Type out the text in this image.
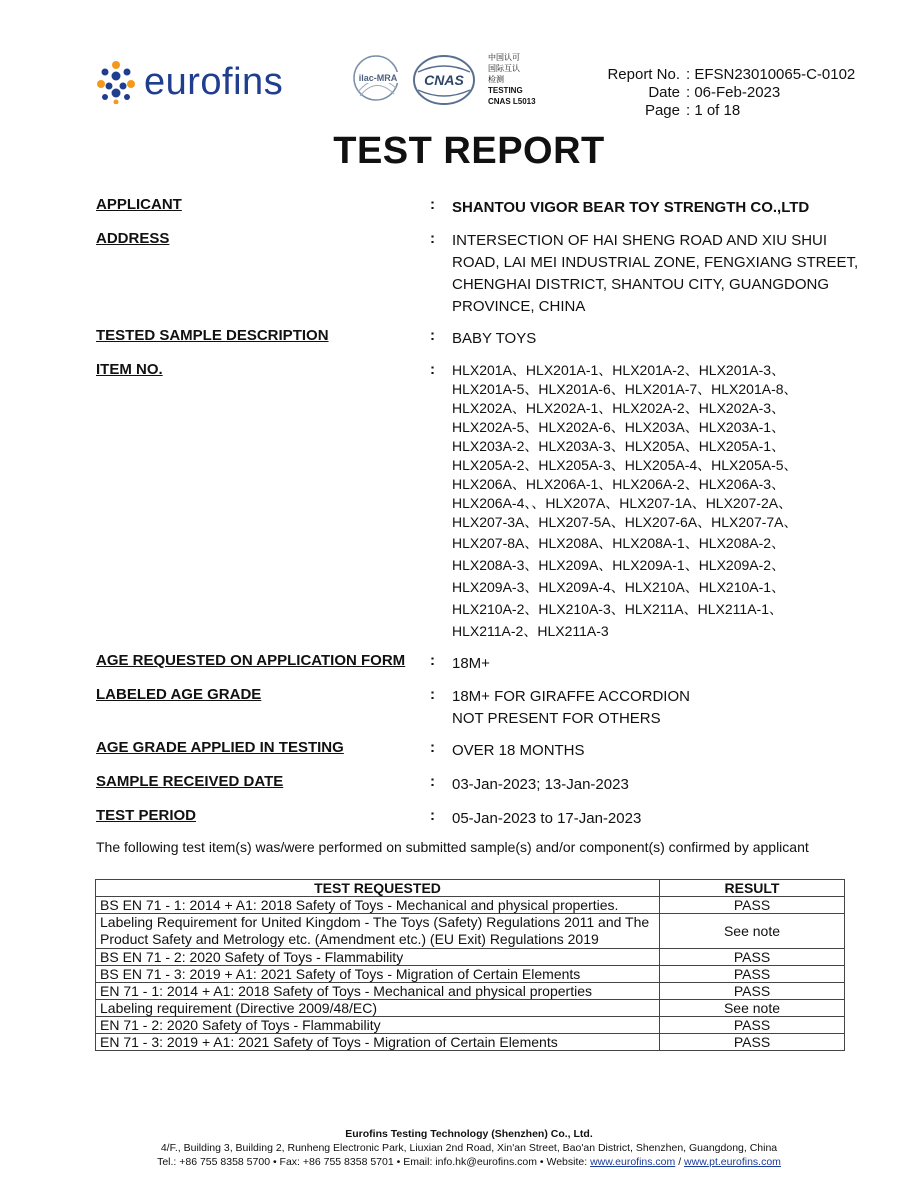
eurofins	ilac-MRA CNAS
中国认可
国际互认
检测
TESTING
CNAS L5013
Report No. : EFSN23010065-C-0102
Date : 06-Feb-2023
Page : 1 of 18
TEST REPORT
APPLICANT	: SHANTOU VIGOR BEAR TOY STRENGTH CO.,LTD
ADDRESS	: INTERSECTION OF HAI SHENG ROAD AND XIU SHUI
ROAD, LAI MEI INDUSTRIAL ZONE, FENGXIANG STREET,
CHENGHAI DISTRICT, SHANTOU CITY, GUANGDONG
PROVINCE, CHINA
TESTED SAMPLE DESCRIPTION	: BABY TOYS
ITEM NO.	: HLX201A、HLX201A-1、HLX201A-2、HLX201A-3、
HLX201A-5、HLX201A-6、HLX201A-7、HLX201A-8、
HLX202A、HLX202A-1、HLX202A-2、HLX202A-3、
HLX202A-5、HLX202A-6、HLX203A、HLX203A-1、
HLX203A-2、HLX203A-3、HLX205A、HLX205A-1、
HLX205A-2、HLX205A-3、HLX205A-4、HLX205A-5、
HLX206A、HLX206A-1、HLX206A-2、HLX206A-3、
HLX206A-4、、HLX207A、HLX207-1A、HLX207-2A、
HLX207-3A、HLX207-5A、HLX207-6A、HLX207-7A、
HLX207-8A、HLX208A、HLX208A-1、HLX208A-2、
HLX208A-3、HLX209A、HLX209A-1、HLX209A-2、
HLX209A-3、HLX209A-4、HLX210A、HLX210A-1、
HLX210A-2、HLX210A-3、HLX211A、HLX211A-1、
HLX211A-2、HLX211A-3
AGE REQUESTED ON APPLICATION FORM : 18M+
LABELED AGE GRADE	: 18M+ FOR GIRAFFE ACCORDION
NOT PRESENT FOR OTHERS
AGE GRADE APPLIED IN TESTING	: OVER 18 MONTHS
SAMPLE RECEIVED DATE	: 03-Jan-2023; 13-Jan-2023
TEST PERIOD	: 05-Jan-2023 to 17-Jan-2023
The following test item(s) was/were performed on submitted sample(s) and/or component(s) confirmed by applicant
TEST REQUESTED	RESULT
BS EN 71 - 1: 2014 + A1: 2018 Safety of Toys - Mechanical and physical properties.	PASS
Labeling Requirement for United Kingdom - The Toys (Safety) Regulations 2011 and The Product Safety and Metrology etc. (Amendment etc.) (EU Exit) Regulations 2019	See note
BS EN 71 - 2: 2020 Safety of Toys - Flammability	PASS
BS EN 71 - 3: 2019 + A1: 2021 Safety of Toys - Migration of Certain Elements	PASS
EN 71 - 1: 2014 + A1: 2018 Safety of Toys - Mechanical and physical properties	PASS
Labeling requirement (Directive 2009/48/EC)	See note
EN 71 - 2: 2020 Safety of Toys - Flammability	PASS
EN 71 - 3: 2019 + A1: 2021 Safety of Toys - Migration of Certain Elements	PASS
Eurofins Testing Technology (Shenzhen) Co., Ltd.
4/F., Building 3, Building 2, Runheng Electronic Park, Liuxian 2nd Road, Xin'an Street, Bao'an District, Shenzhen, Guangdong, China
Tel.: +86 755 8358 5700 • Fax: +86 755 8358 5701 • Email: info.hk@eurofins.com • Website: www.eurofins.com / www.pt.eurofins.com
